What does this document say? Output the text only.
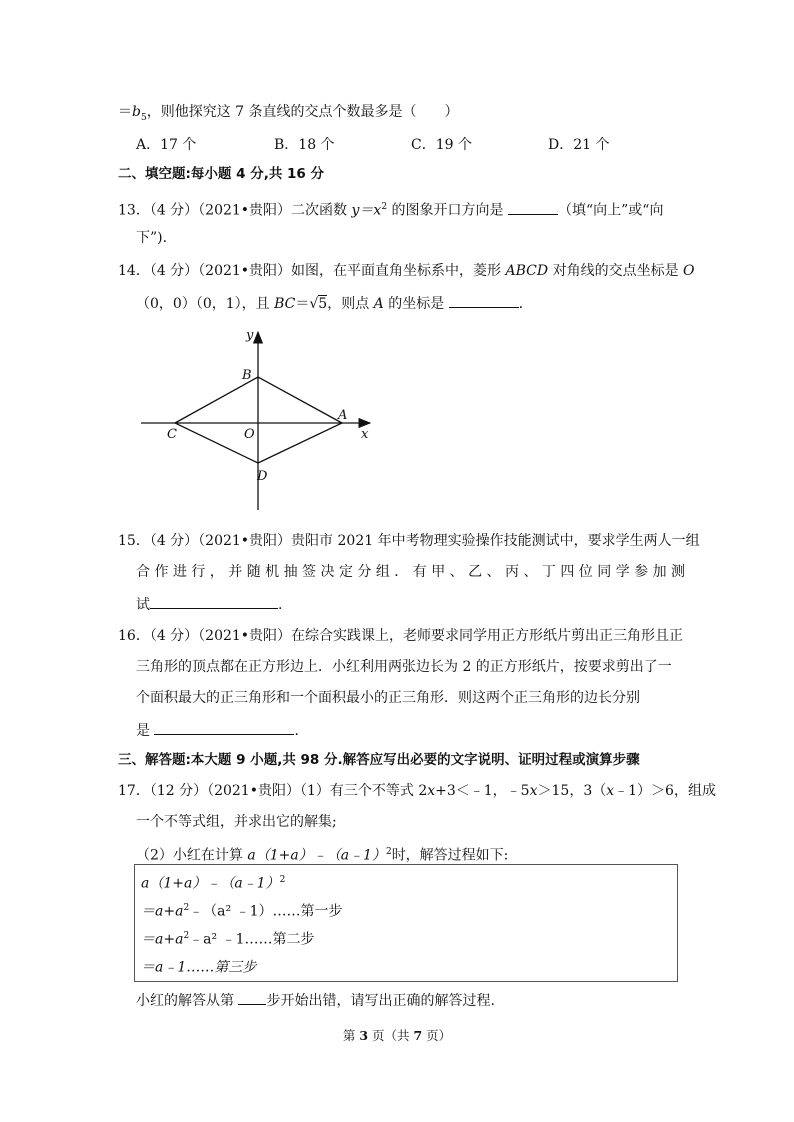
$=b_5$，则他探究这 7 条直线的交点个数最多是（　　）
A．17 个	B．18 个	C．19 个	D．21 个
二、填空题:每小题 4 分,共 16 分
13．（4 分）（2021•贵阳）二次函数 $y=x^2$ 的图象开口方向是	（填“向上”或“向
下”).
14．（4 分）（2021•贵阳）如图，在平面直角坐标系中，菱形 ABCD 对角线的交点坐标是 O
（0，0）（0，1），且 BC＝√5，则点 A 的坐标是	．
y
x
B
A
C	O
D
15．（4 分）（2021•贵阳）贵阳市 2021 年中考物理实验操作技能测试中，要求学生两人一组
合 作 进 行 ， 并 随 机 抽 签 决 定 分 组 ． 有 甲 、 乙 、 丙 、 丁 四 位 同 学 参 加 测
试	.
16．（4 分）（2021•贵阳）在综合实践课上，老师要求同学用正方形纸片剪出正三角形且正
三角形的顶点都在正方形边上．小红利用两张边长为 2 的正方形纸片，按要求剪出了一
个面积最大的正三角形和一个面积最小的正三角形．则这两个正三角形的边长分别
是	．
三、解答题:本大题 9 小题,共 98 分.解答应写出必要的文字说明、证明过程或演算步骤
17．（12 分）（2021•贵阳）（1）有三个不等式 2x+3＜﹣1，﹣5x＞15，3（x﹣1）＞6，组成
一个不等式组，并求出它的解集;
（2）小红在计算 a（1+a）﹣（a﹣1）$^2$时，解答过程如下:
a（1+a）﹣（a﹣1）$^2$
$=a+a^2﹣(a^2$ ﹣1）……第一步
$=a+a^2﹣a^2$ ﹣1……第二步
＝a﹣1……第三步
小红的解答从第 步开始出错，请写出正确的解答过程.
第 3 页（共 7 页）
